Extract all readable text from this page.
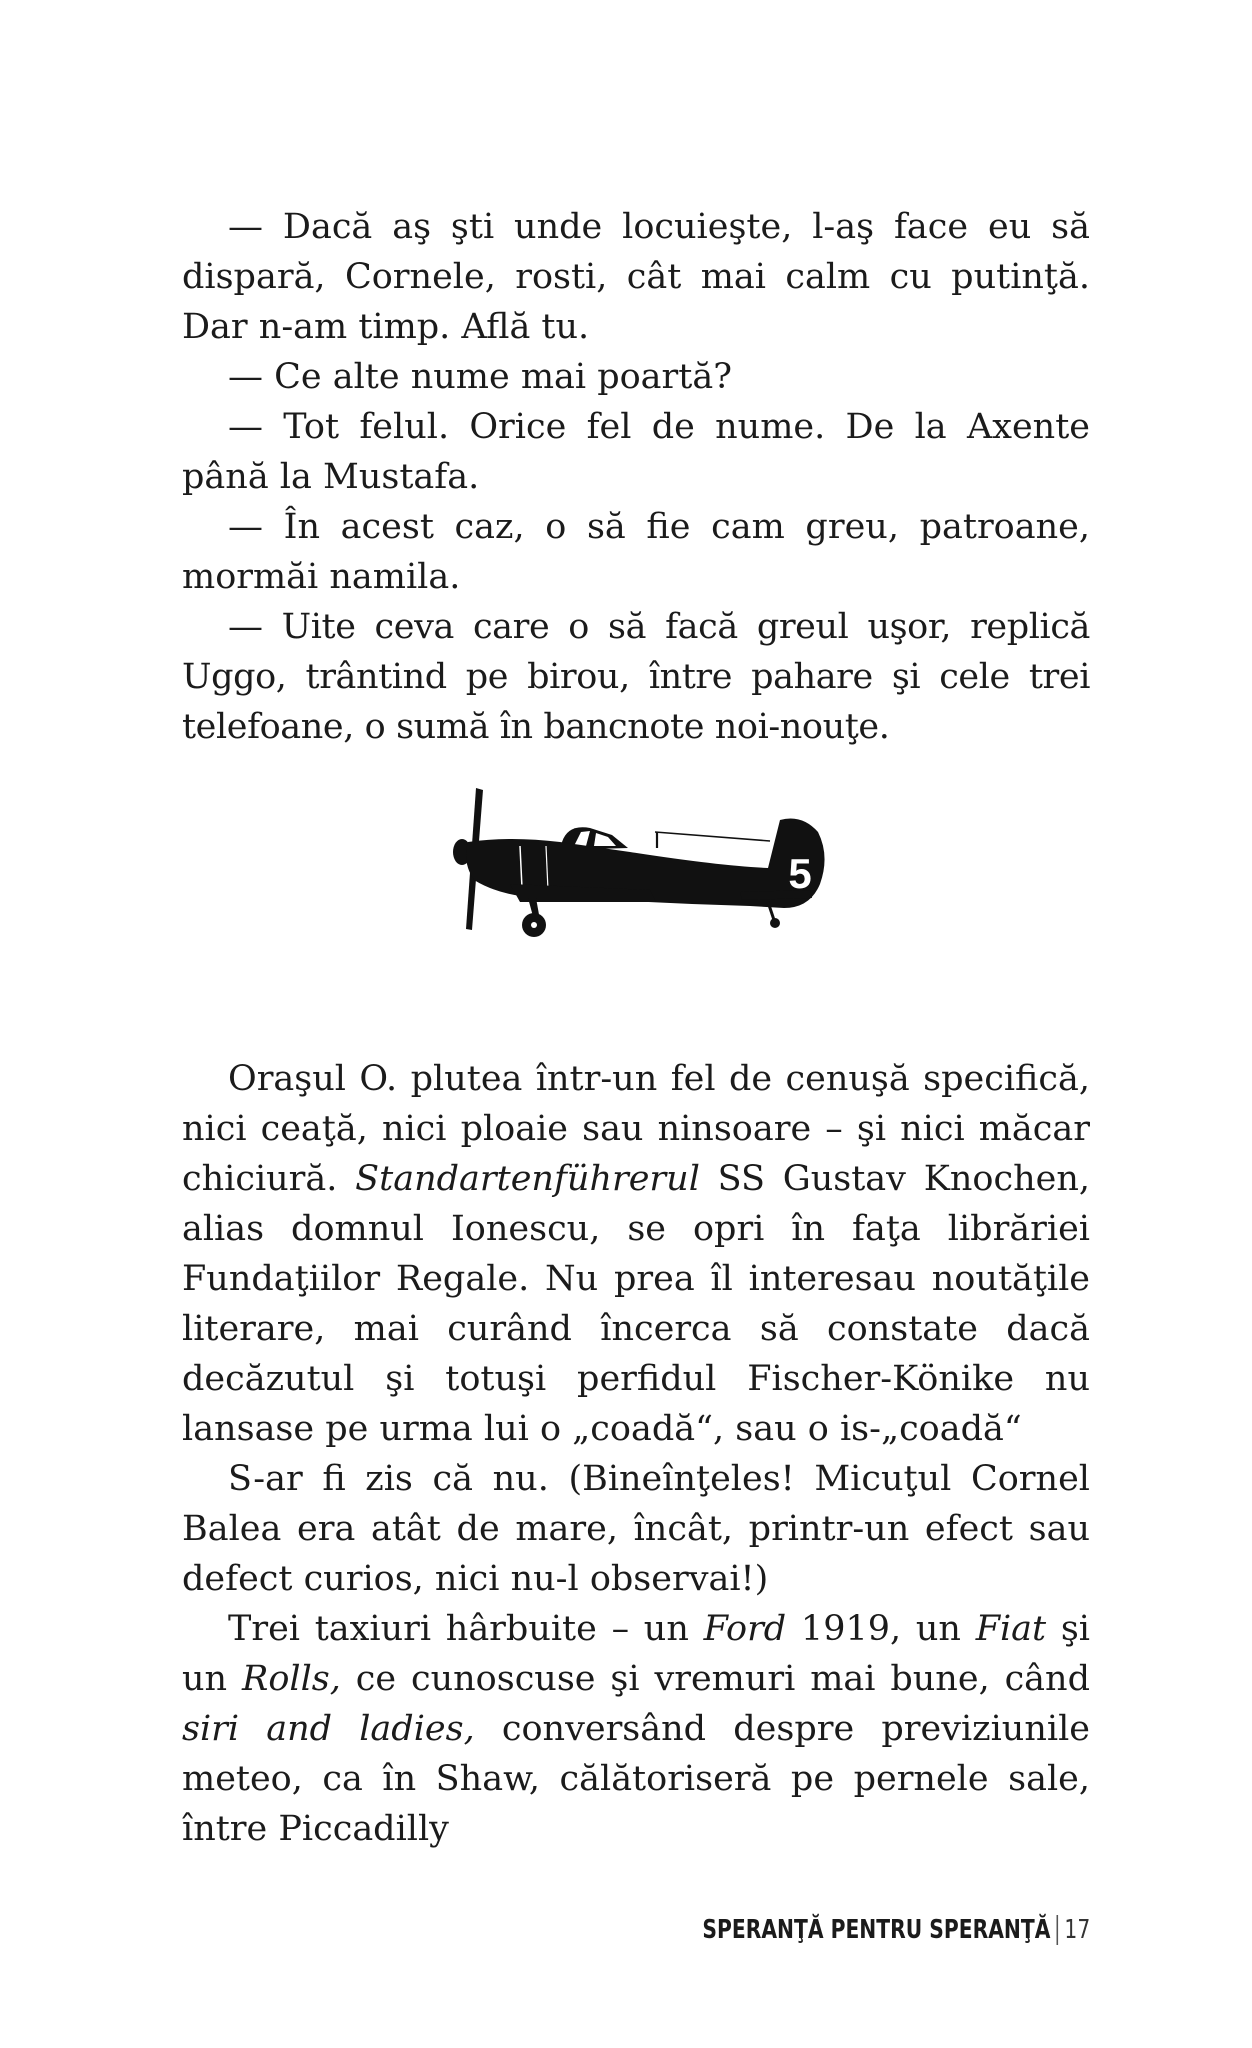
— Dacă aş şti unde locuieşte, l-aş face eu să dispară, Cornele, rosti, cât mai calm cu putinţă. Dar n-am timp. Află tu.

— Ce alte nume mai poartă?

— Tot felul. Orice fel de nume. De la Axente până la Mustafa.

— În acest caz, o să fie cam greu, patroane, mormăi namila.

— Uite ceva care o să facă greul uşor, replică Uggo, trântind pe birou, între pahare şi cele trei telefoane, o sumă în bancnote noi-nouţe.

5

Oraşul O. plutea într-un fel de cenuşă specifică, nici ceaţă, nici ploaie sau ninsoare – şi nici măcar chiciură. Standartenführerul SS Gustav Knochen, alias domnul Ionescu, se opri în faţa librăriei Fundaţiilor Regale. Nu prea îl interesau noutăţile literare, mai curând încerca să constate dacă decăzutul şi totuşi perfidul Fischer-Könike nu lansase pe urma lui o „coadă“, sau o is-„coadă“

S-ar fi zis că nu. (Bineînţeles! Micuţul Cornel Balea era atât de mare, încât, printr-un efect sau defect curios, nici nu-l observai!)

Trei taxiuri hârbuite – un Ford 1919, un Fiat şi un Rolls, ce cunoscuse şi vremuri mai bune, când siri and ladies, conversând despre previziunile meteo, ca în Shaw, călătoriseră pe pernele sale, între Piccadilly

SPERANŢĂ PENTRU SPERANŢĂ 17
